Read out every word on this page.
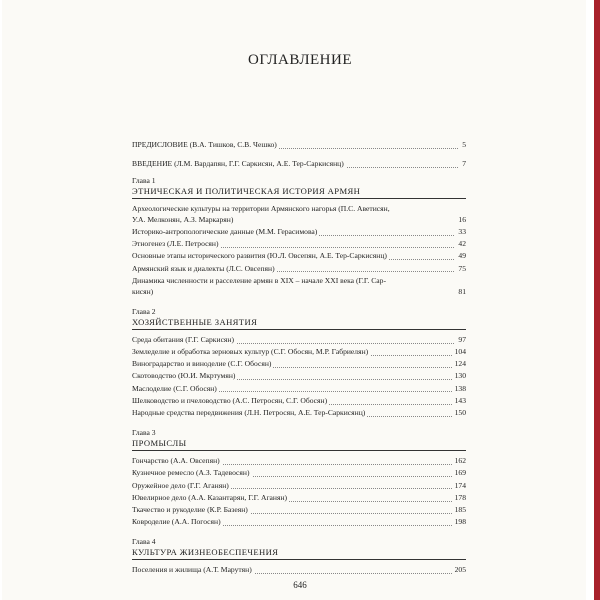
ОГЛАВЛЕНИЕ
ПРЕДИСЛОВИЕ (В.А. Тишков, С.В. Чешко)	5
ВВЕДЕНИЕ (Л.М. Вардапян, Г.Г. Саркисян, А.Е. Тер-Саркисянц)	7
Глава 1
ЭТНИЧЕСКАЯ И ПОЛИТИЧЕСКАЯ ИСТОРИЯ АРМЯН
Археологические культуры на территории Армянского нагорья (П.С. Аветисян,
У.А. Мелконян, А.З. Маркарян)	16
Историко-антропологические данные (М.М. Герасимова)	33
Этногенез (Л.Е. Петросян)	42
Основные этапы исторического развития (Ю.Л. Овсепян, А.Е. Тер-Саркисянц)	49
Армянский язык и диалекты (Л.С. Овсепян)	75
Динамика численности и расселение армян в XIX – начале XXI века (Г.Г. Сар-
кисян)	81
Глава 2
ХОЗЯЙСТВЕННЫЕ ЗАНЯТИЯ
Среда обитания (Г.Г. Саркисян)	97
Земледелие и обработка зерновых культур (С.Г. Обосян, М.Р. Габриелян)	104
Виноградарство и виноделие (С.Г. Обосян)	124
Скотоводство (Ю.И. Мкртумян)	130
Маслоделие (С.Г. Обосян)	138
Шелководство и пчеловодство (А.С. Петросян, С.Г. Обосян)	143
Народные средства передвижения (Л.Н. Петросян, А.Е. Тер-Саркисянц)	150
Глава 3
ПРОМЫСЛЫ
Гончарство (А.А. Овсепян)	162
Кузнечное ремесло (А.З. Тадевосян)	169
Оружейное дело (Г.Г. Аганян)	174
Ювелирное дело (А.А. Казантарян, Г.Г. Аганян)	178
Ткачество и рукоделие (К.Р. Базеян)	185
Ковроделие (А.А. Погосян)	198
Глава 4
КУЛЬТУРА ЖИЗНЕОБЕСПЕЧЕНИЯ
Поселения и жилища (А.Т. Марутян)	205
646
